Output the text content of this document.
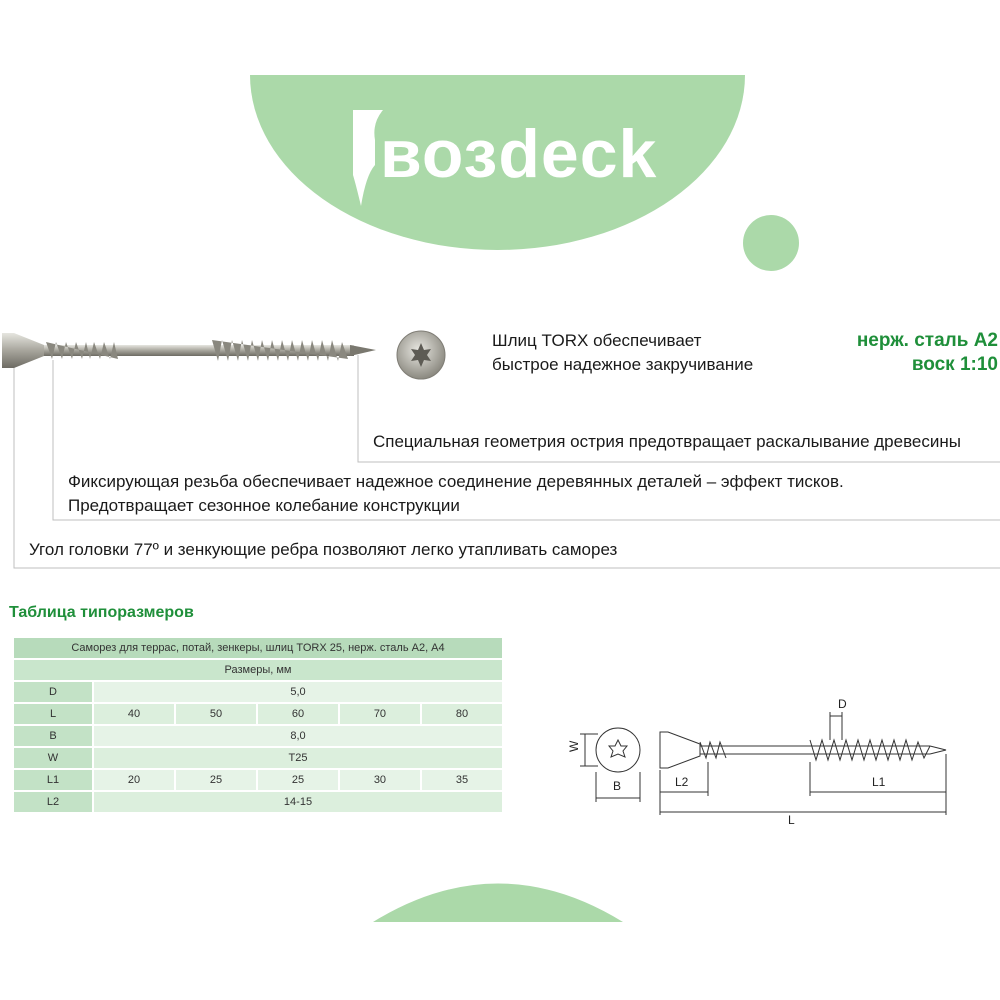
возdeck
Шлиц TORX обеспечивает
быстрое надежное закручивание
нерж. сталь A2
воск 1:10
Специальная геометрия острия предотвращает раскалывание древесины
Фиксирующая резьба обеспечивает надежное соединение деревянных деталей – эффект тисков.
Предотвращает сезонное колебание конструкции
Угол головки 77º и зенкующие ребра позволяют легко утапливать саморез
Таблица типоразмеров
Саморез для террас, потай, зенкеры, шлиц TORX 25, нерж. сталь А2, А4					
Размеры, мм					
D	5,0				
L	40	50	60	70	80
B	8,0				
W	T25				
L1	20	25	25	30	35
L2	14-15				
W
B
D
L2	L1
L
